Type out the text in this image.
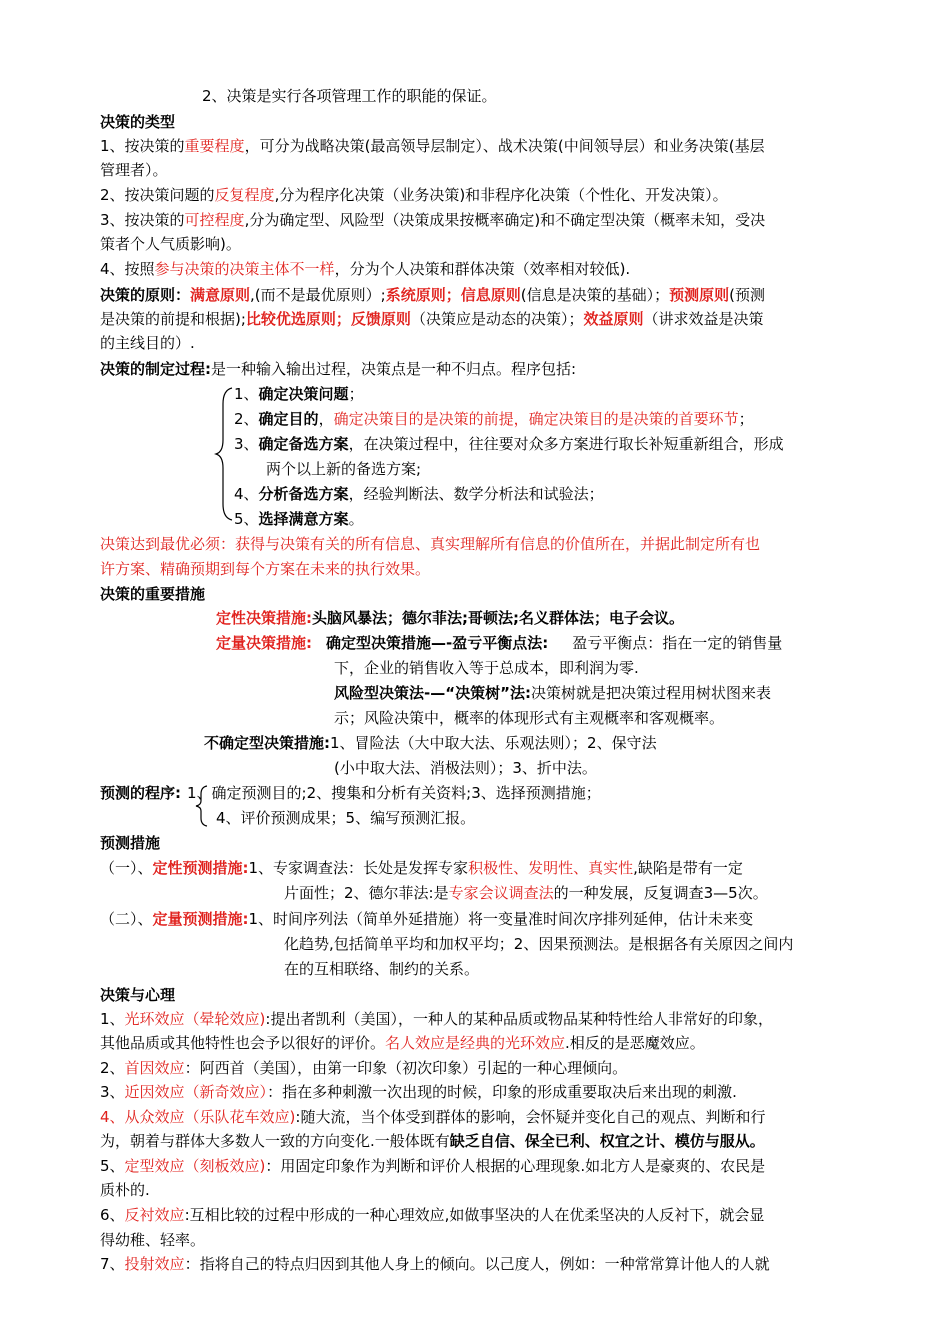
2、决策是实行各项管理工作的职能的保证。
决策的类型
1、按决策的重要程度，可分为战略决策(最高领导层制定）、战术决策(中间领导层）和业务决策(基层
管理者）。
2、按决策问题的反复程度,分为程序化决策（业务决策)和非程序化决策（个性化、开发决策）。
3、按决策的可控程度,分为确定型、风险型（决策成果按概率确定)和不确定型决策（概率未知，受决
策者个人气质影响)。
4、按照参与决策的决策主体不一样，分为个人决策和群体决策（效率相对较低).
决策的原则：满意原则,(而不是最优原则）;系统原则；信息原则(信息是决策的基础）；预测原则(预测
是决策的前提和根据);比较优选原则；反馈原则（决策应是动态的决策）；效益原则（讲求效益是决策
的主线目的）.
决策的制定过程:是一种输入输出过程，决策点是一种不归点。程序包括:
1、确定决策问题；
2、确定目的，确定决策目的是决策的前提，确定决策目的是决策的首要环节；
3、确定备选方案，在决策过程中，往往要对众多方案进行取长补短重新组合，形成
两个以上新的备选方案;
4、分析备选方案，经验判断法、数学分析法和试验法；
5、选择满意方案。
决策达到最优必须：获得与决策有关的所有信息、真实理解所有信息的价值所在，并据此制定所有也
许方案、精确预期到每个方案在未来的执行效果。
决策的重要措施
定性决策措施:头脑风暴法；德尔菲法;哥顿法;名义群体法；电子会议。
定量决策措施: 确定型决策措施—-盈亏平衡点法: 盈亏平衡点：指在一定的销售量
下，企业的销售收入等于总成本，即利润为零.
风险型决策法-—“决策树”法:决策树就是把决策过程用树状图来表
示；风险决策中，概率的体现形式有主观概率和客观概率。
不确定型决策措施:1、冒险法（大中取大法、乐观法则）；2、保守法
(小中取大法、消极法则）；3、折中法。
预测的程序: 1、确定预测目的;2、搜集和分析有关资料;3、选择预测措施；
4、评价预测成果；5、编写预测汇报。
预测措施
（一）、定性预测措施:1、专家调查法：长处是发挥专家积极性、发明性、真实性,缺陷是带有一定
片面性；2、德尔菲法:是专家会议调查法的一种发展，反复调查3—5次。
（二）、定量预测措施:1、时间序列法（简单外延措施）将一变量准时间次序排列延伸，估计未来变
化趋势,包括简单平均和加权平均；2、因果预测法。是根据各有关原因之间内
在的互相联络、制约的关系。
决策与心理
1、光环效应（晕轮效应):提出者凯利（美国），一种人的某种品质或物品某种特性给人非常好的印象，
其他品质或其他特性也会予以很好的评价。名人效应是经典的光环效应.相反的是恶魔效应。
2、首因效应：阿西首（美国），由第一印象（初次印象）引起的一种心理倾向。
3、近因效应（新奇效应）：指在多种刺激一次出现的时候，印象的形成重要取决后来出现的刺激.
4、从众效应（乐队花车效应):随大流，当个体受到群体的影响，会怀疑并变化自己的观点、判断和行
为，朝着与群体大多数人一致的方向变化.一般体既有缺乏自信、保全已利、权宜之计、模仿与服从。
5、定型效应（刻板效应)：用固定印象作为判断和评价人根据的心理现象.如北方人是豪爽的、农民是
质朴的.
6、反衬效应:互相比较的过程中形成的一种心理效应,如做事坚决的人在优柔坚决的人反衬下，就会显
得幼稚、轻率。
7、投射效应：指将自己的特点归因到其他人身上的倾向。以己度人，例如：一种常常算计他人的人就
